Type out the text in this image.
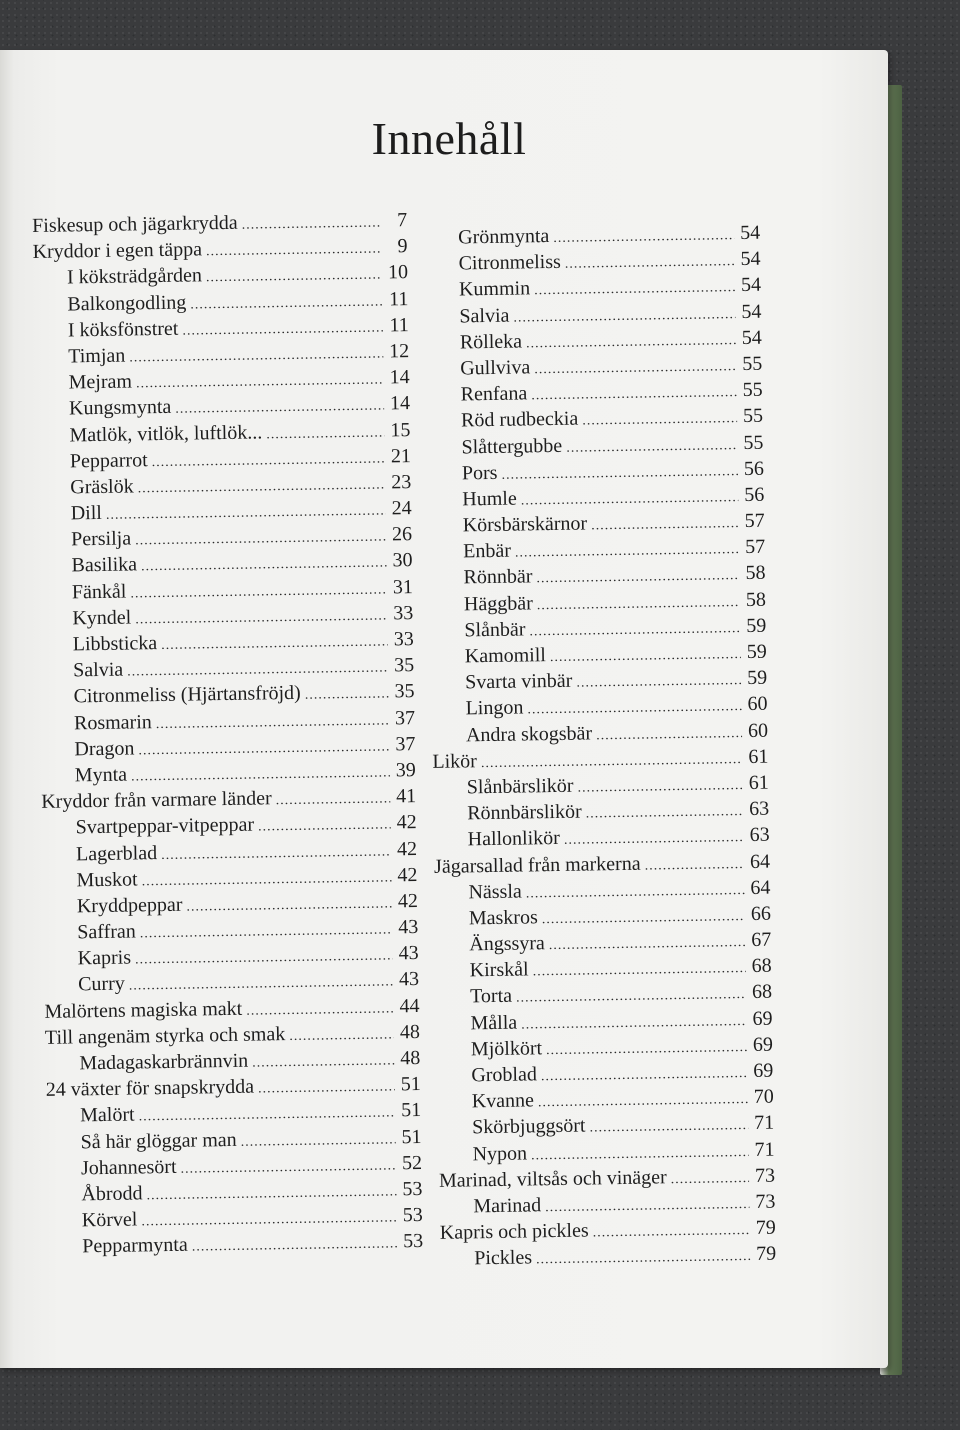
Innehåll
Fiskesup och jägarkrydda .....	7
Kryddor i egen täppa .....	9
I köksträdgården .....	10
Balkongodling .....	11
I köksfönstret .....	11
Timjan .....	12
Mejram .....	14
Kungsmynta .....	14
Matlök, vitlök, luftlök... .....	15
Pepparrot .....	21
Gräslök .....	23
Dill .....	24
Persilja .....	26
Basilika .....	30
Fänkål .....	31
Kyndel .....	33
Libbsticka .....	33
Salvia .....	35
Citronmeliss (Hjärtansfröjd) .....	35
Rosmarin .....	37
Dragon .....	37
Mynta .....	39
Kryddor från varmare länder .....	41
Svartpeppar-vitpeppar .....	42
Lagerblad .....	42
Muskot .....	42
Kryddpeppar .....	42
Saffran .....	43
Kapris .....	43
Curry .....	43
Malörtens magiska makt .....	44
Till angenäm styrka och smak .....	48
Madagaskarbrännvin .....	48
24 växter för snapskrydda .....	51
Malört .....	51
Så här glöggar man .....	51
Johannesört .....	52
Åbrodd .....	53
Körvel .....	53
Pepparmynta .....	53
Grönmynta .....	54
Citronmeliss .....	54
Kummin .....	54
Salvia .....	54
Rölleka .....	54
Gullviva .....	55
Renfana .....	55
Röd rudbeckia .....	55
Slåttergubbe .....	55
Pors .....	56
Humle .....	56
Körsbärskärnor .....	57
Enbär .....	57
Rönnbär .....	58
Häggbär .....	58
Slånbär .....	59
Kamomill .....	59
Svarta vinbär .....	59
Lingon .....	60
Andra skogsbär .....	60
Likör .....	61
Slånbärslikör .....	61
Rönnbärslikör .....	63
Hallonlikör .....	63
Jägarsallad från markerna .....	64
Nässla .....	64
Maskros .....	66
Ängssyra .....	67
Kirskål .....	68
Torta .....	68
Målla .....	69
Mjölkört .....	69
Groblad .....	69
Kvanne .....	70
Skörbjuggsört .....	71
Nypon .....	71
Marinad, viltsås och vinäger .....	73
Marinad .....	73
Kapris och pickles .....	79
Pickles .....	79
